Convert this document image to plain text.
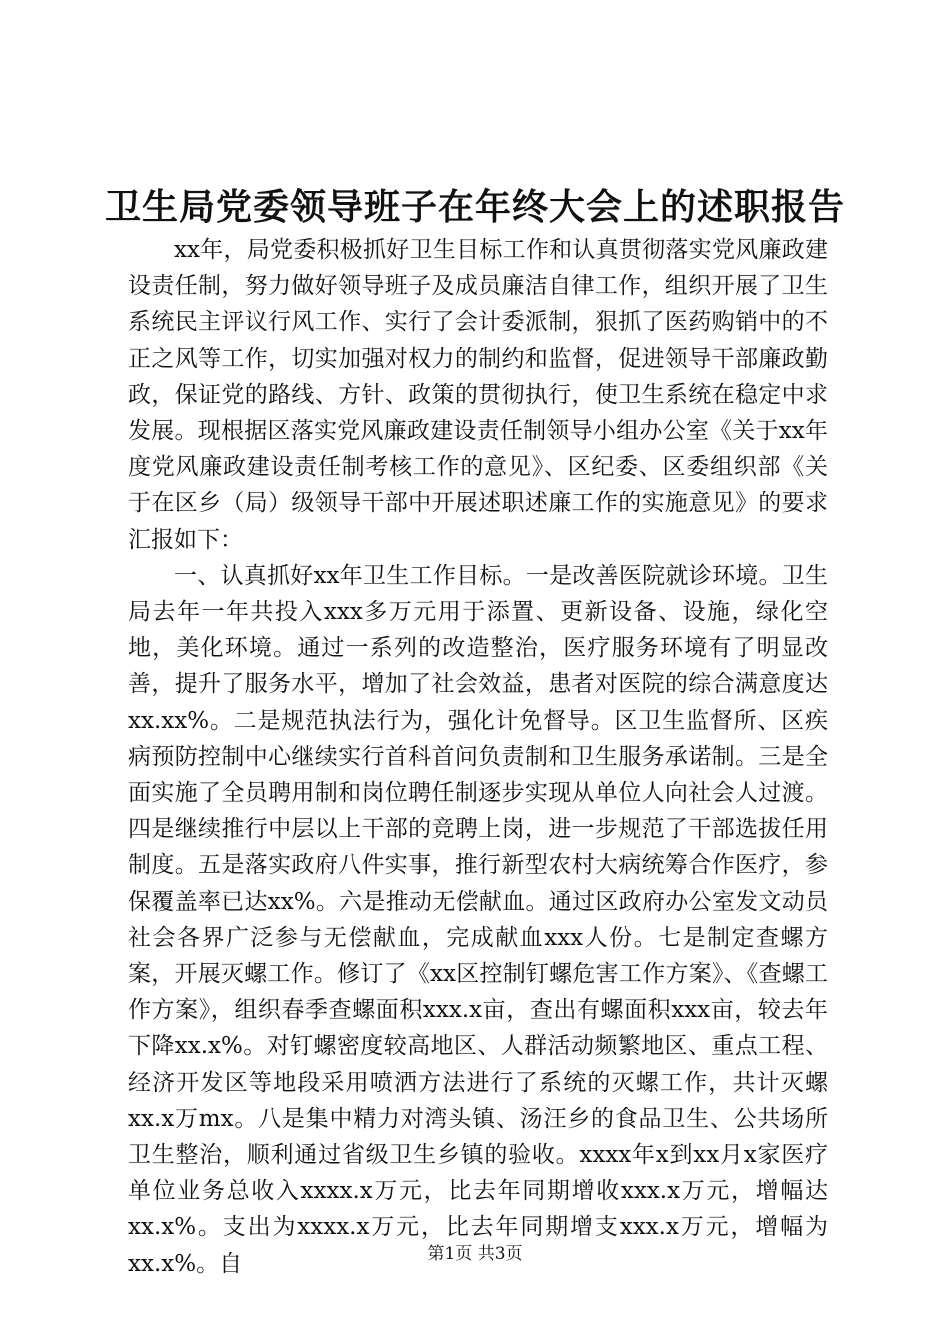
卫生局党委领导班子在年终大会上的述职报告

xx年，局党委积极抓好卫生目标工作和认真贯彻落实党风廉政建设责任制，努力做好领导班子及成员廉洁自律工作，组织开展了卫生系统民主评议行风工作、实行了会计委派制，狠抓了医药购销中的不正之风等工作，切实加强对权力的制约和监督，促进领导干部廉政勤政，保证党的路线、方针、政策的贯彻执行，使卫生系统在稳定中求发展。现根据区落实党风廉政建设责任制领导小组办公室《关于xx年度党风廉政建设责任制考核工作的意见》、区纪委、区委组织部《关于在区乡（局）级领导干部中开展述职述廉工作的实施意见》的要求汇报如下：

一、认真抓好xx年卫生工作目标。一是改善医院就诊环境。卫生局去年一年共投入xxx多万元用于添置、更新设备、设施，绿化空地，美化环境。通过一系列的改造整治，医疗服务环境有了明显改善，提升了服务水平，增加了社会效益，患者对医院的综合满意度达xx.xx%。二是规范执法行为，强化计免督导。区卫生监督所、区疾病预防控制中心继续实行首科首问负责制和卫生服务承诺制。三是全面实施了全员聘用制和岗位聘任制逐步实现从单位人向社会人过渡。四是继续推行中层以上干部的竞聘上岗，进一步规范了干部选拔任用制度。五是落实政府八件实事，推行新型农村大病统筹合作医疗，参保覆盖率已达xx%。六是推动无偿献血。通过区政府办公室发文动员社会各界广泛参与无偿献血，完成献血xxx人份。七是制定查螺方案，开展灭螺工作。修订了《xx区控制钉螺危害工作方案》、《查螺工作方案》，组织春季查螺面积xxx.x亩，查出有螺面积xxx亩，较去年下降xx.x%。对钉螺密度较高地区、人群活动频繁地区、重点工程、经济开发区等地段采用喷洒方法进行了系统的灭螺工作，共计灭螺xx.x万mx。八是集中精力对湾头镇、汤汪乡的食品卫生、公共场所卫生整治，顺利通过省级卫生乡镇的验收。xxxx年x到xx月x家医疗单位业务总收入xxxx.x万元，比去年同期增收xxx.x万元，增幅达xx.x%。支出为xxxx.x万元，比去年同期增支xxx.x万元，增幅为xx.x%。自	第1页 共3页
